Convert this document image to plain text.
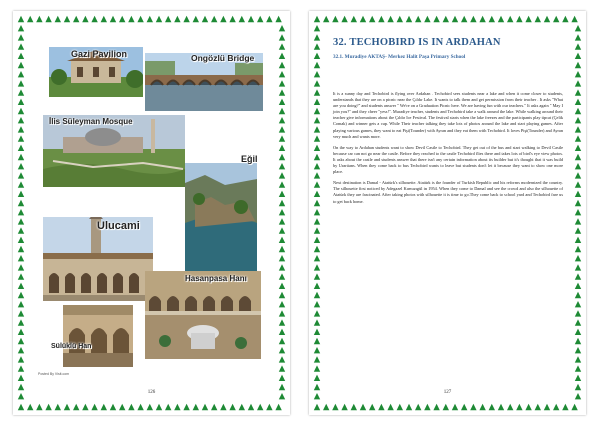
Gazi Pavilion	Ongözlü Bridge
İlis Süleyman Mosque
Eğil
Ulucami
Hasanpasa Hanı
Sülüklü Han
Posted By Visit.com
126
32. TECHOBIRD IS IN ARDAHAN
32.1. Muradiye AKTAŞ- Merkez Halit Paşa Primary School

It is a sunny day and Techobird is flying over Ardahan . Techobird sees students near a lake and when it come closer to students, understands that they are on a picnic near the Çıldır Lake. It wants to talk them and get permission from their teacher . It asks "What are you doing?" and students answer " We're on a Graduation Picnic here. We are having fun with our teachers." It asks again " May I join you?" and they cheer "yess!". Muradiye teacher, students and Techobird take a walk around the lake. While walking around their teacher give informations about the Çıldır Ice Festival. The festival starts when the lake freezes and the participants play tipcat (Çelik Comak) and winner gets a cup. While Their teacher talking they take lots of photos around the lake and start playing games. After playing various games, they want to eat Pişi(Tounder) with Ayran and they eat them with Techobird. It loves Pişi(Tounder) and Ayran very much and wants more.

On the way to Ardahan students want to show Devil Castle to Techobird. They get out of the bus and start walking to Devil Castle because car can not go near the castle. Before they reached to the castle Techobird flies there and takes lots of bird's eye view photos. It asks about the castle and students answer that there isn't any certain information about its builder but it's thought that it was build by Urartians. When they come back to bus Techobird wants to leave but students don't let it because they want to show one more place.

Next destination is Damal - Atatürk's silhouette. Atatürk is the founder of Turkish Republic and his reforms modernized the country. The silhouette first noticed by Adegazel Kırmızıgül in 1954. When they come to Damal and see the crowd and also the silhouette of Atatürk they are fascinated. After taking photos with silhouette it is time to go.They come back to school yard and Techobird fare us to get back home.

127
